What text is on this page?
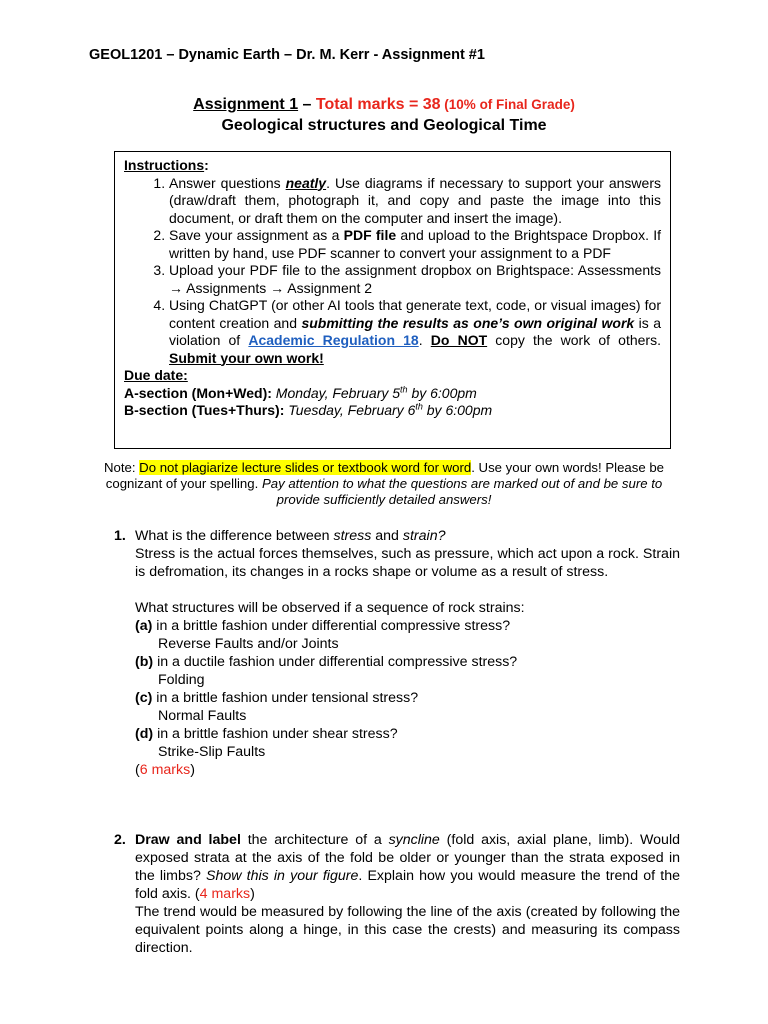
GEOL1201 – Dynamic Earth – Dr. M. Kerr - Assignment #1
Assignment 1 – Total marks = 38 (10% of Final Grade)
Geological structures and Geological Time
Instructions:
1. Answer questions neatly. Use diagrams if necessary to support your answers (draw/draft them, photograph it, and copy and paste the image into this document, or draft them on the computer and insert the image).
2. Save your assignment as a PDF file and upload to the Brightspace Dropbox. If written by hand, use PDF scanner to convert your assignment to a PDF
3. Upload your PDF file to the assignment dropbox on Brightspace: Assessments → Assignments → Assignment 2
4. Using ChatGPT (or other AI tools that generate text, code, or visual images) for content creation and submitting the results as one’s own original work is a violation of Academic Regulation 18. Do NOT copy the work of others. Submit your own work!
Due date:
A-section (Mon+Wed): Monday, February 5th by 6:00pm
B-section (Tues+Thurs): Tuesday, February 6th by 6:00pm
Note: Do not plagiarize lecture slides or textbook word for word. Use your own words! Please be cognizant of your spelling. Pay attention to what the questions are marked out of and be sure to provide sufficiently detailed answers!
1. What is the difference between stress and strain?
Stress is the actual forces themselves, such as pressure, which act upon a rock. Strain is defromation, its changes in a rocks shape or volume as a result of stress.
What structures will be observed if a sequence of rock strains:
(a) in a brittle fashion under differential compressive stress?
Reverse Faults and/or Joints
(b) in a ductile fashion under differential compressive stress?
Folding
(c) in a brittle fashion under tensional stress?
Normal Faults
(d) in a brittle fashion under shear stress?
Strike-Slip Faults
(6 marks)
2. Draw and label the architecture of a syncline (fold axis, axial plane, limb). Would exposed strata at the axis of the fold be older or younger than the strata exposed in the limbs? Show this in your figure. Explain how you would measure the trend of the fold axis. (4 marks)
The trend would be measured by following the line of the axis (created by following the equivalent points along a hinge, in this case the crests) and measuring its compass direction.
